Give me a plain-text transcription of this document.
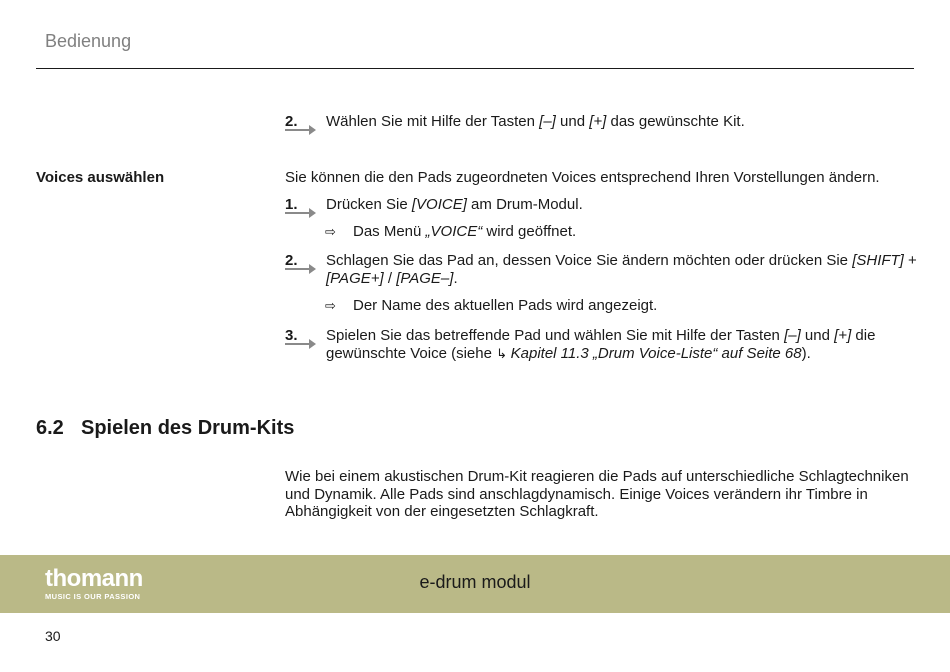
Bedienung
2. Wählen Sie mit Hilfe der Tasten [–] und [+] das gewünschte Kit.
Voices auswählen	Sie können die den Pads zugeordneten Voices entsprechend Ihren Vorstellungen ändern.
1. Drücken Sie [VOICE] am Drum-Modul.
⇨ Das Menü „VOICE“ wird geöffnet.
2. Schlagen Sie das Pad an, dessen Voice Sie ändern möchten oder drücken Sie [SHIFT] + [PAGE+] / [PAGE–].
⇨ Der Name des aktuellen Pads wird angezeigt.
3. Spielen Sie das betreffende Pad und wählen Sie mit Hilfe der Tasten [–] und [+] die gewünschte Voice (siehe ↳ Kapitel 11.3 „Drum Voice-Liste“ auf Seite 68).
6.2 Spielen des Drum-Kits
Wie bei einem akustischen Drum-Kit reagieren die Pads auf unterschiedliche Schlagtechniken und Dynamik. Alle Pads sind anschlagdynamisch. Einige Voices verändern ihr Timbre in Abhängigkeit von der eingesetzten Schlagkraft.
thomann
MUSIC IS OUR PASSION
e-drum modul
30
